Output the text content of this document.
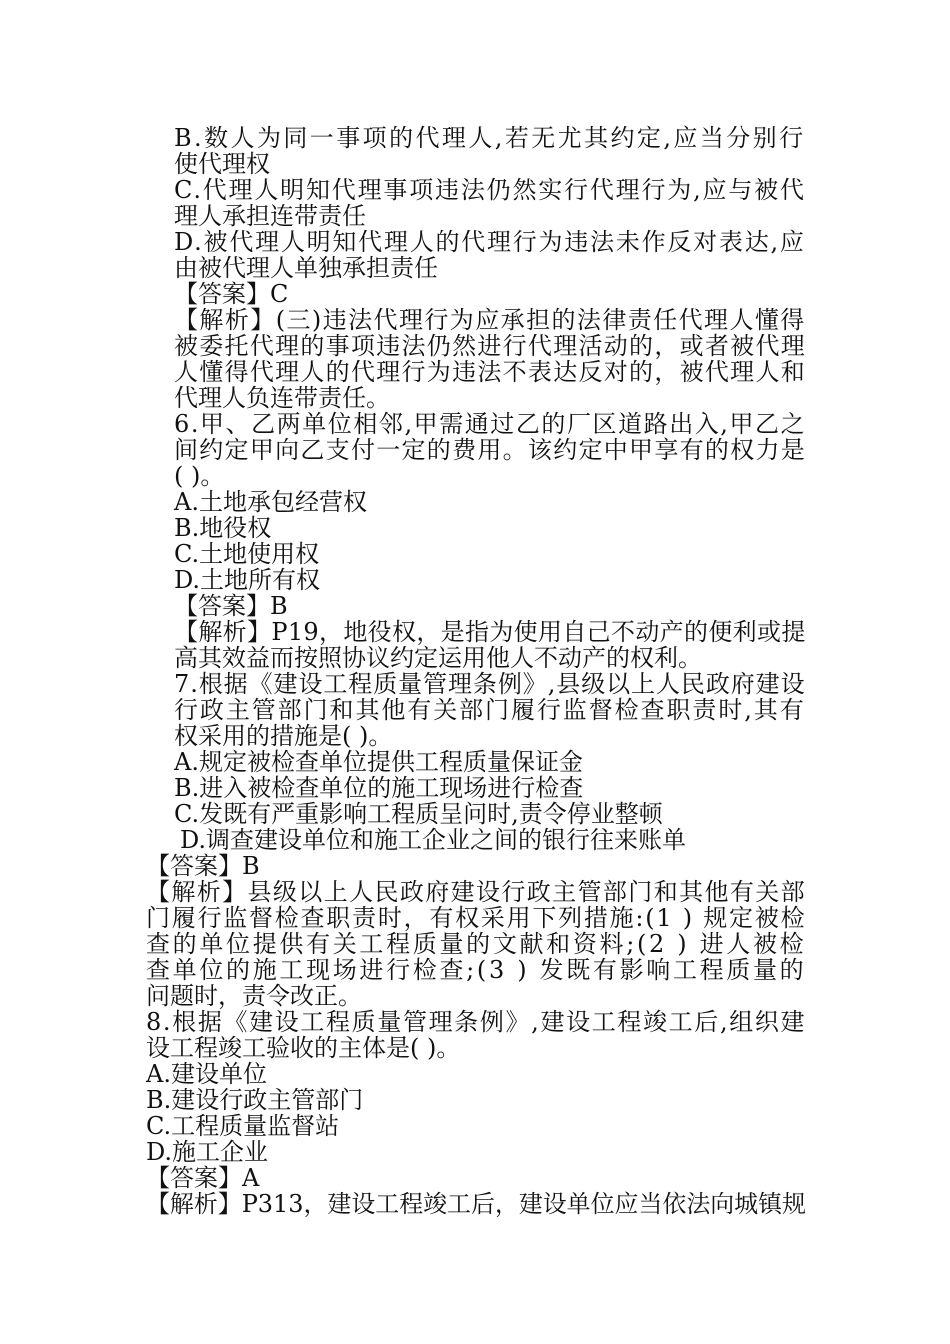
B.数人为同一事项的代理人,若无尤其约定,应当分别行
使代理权
C.代理人明知代理事项违法仍然实行代理行为,应与被代
理人承担连带责任
D.被代理人明知代理人的代理行为违法未作反对表达,应
由被代理人单独承担责任
【答案】C
【解析】(三)违法代理行为应承担的法律责任代理人懂得
被委托代理的事项违法仍然进行代理活动的，或者被代理
人懂得代理人的代理行为违法不表达反对的，被代理人和
代理人负连带责任。
6.甲、乙两单位相邻,甲需通过乙的厂区道路出入,甲乙之
间约定甲向乙支付一定的费用。该约定中甲享有的权力是
( )。
A.土地承包经营权
B.地役权
C.土地使用权
D.土地所有权
【答案】B
【解析】P19，地役权，是指为使用自己不动产的便利或提
高其效益而按照协议约定运用他人不动产的权利。
7.根据《建设工程质量管理条例》,县级以上人民政府建设
行政主管部门和其他有关部门履行监督检查职责时,其有
权采用的措施是( )。
A.规定被检查单位提供工程质量保证金
B.进入被检查单位的施工现场进行检查
C.发既有严重影响工程质呈问时,责令停业整顿
D.调查建设单位和施工企业之间的银行往来账单
【答案】B
【解析】县级以上人民政府建设行政主管部门和其他有关部
门履行监督检查职责时，有权采用下列措施:(1 ) 规定被检
查的单位提供有关工程质量的文献和资料;(2 ) 进人被检
查单位的施工现场进行检查;(3 ) 发既有影响工程质量的
问题时，责令改正。
8.根据《建设工程质量管理条例》,建设工程竣工后,组织建
设工程竣工验收的主体是( )。
A.建设单位
B.建设行政主管部门
C.工程质量监督站
D.施工企业
【答案】A
【解析】P313，建设工程竣工后，建设单位应当依法向城镇规
